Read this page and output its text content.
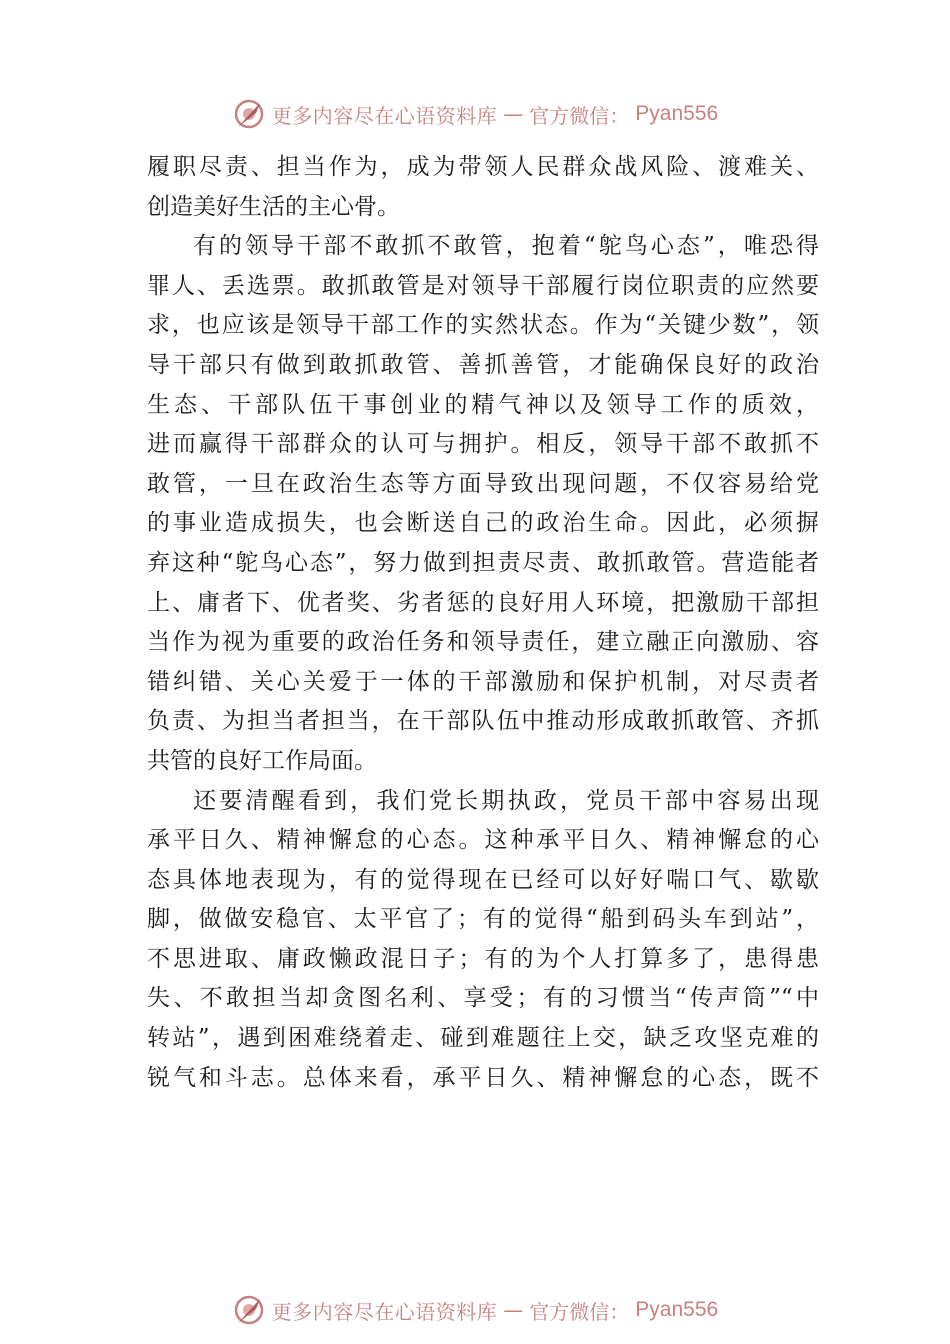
更多内容尽在心语资料库 — 官方微信： Pyan556
履职尽责、担当作为，成为带领人民群众战风险、渡难关、
创造美好生活的主心骨。
有的领导干部不敢抓不敢管，抱着“鸵鸟心态”，唯恐得
罪人、丢选票。敢抓敢管是对领导干部履行岗位职责的应然要
求，也应该是领导干部工作的实然状态。作为“关键少数”，领
导干部只有做到敢抓敢管、善抓善管，才能确保良好的政治
生态、干部队伍干事创业的精气神以及领导工作的质效，
进而赢得干部群众的认可与拥护。相反，领导干部不敢抓不
敢管，一旦在政治生态等方面导致出现问题，不仅容易给党
的事业造成损失，也会断送自己的政治生命。因此，必须摒
弃这种“鸵鸟心态”，努力做到担责尽责、敢抓敢管。营造能者
上、庸者下、优者奖、劣者惩的良好用人环境，把激励干部担
当作为视为重要的政治任务和领导责任，建立融正向激励、容
错纠错、关心关爱于一体的干部激励和保护机制，对尽责者
负责、为担当者担当，在干部队伍中推动形成敢抓敢管、齐抓
共管的良好工作局面。
还要清醒看到，我们党长期执政，党员干部中容易出现
承平日久、精神懈怠的心态。这种承平日久、精神懈怠的心
态具体地表现为，有的觉得现在已经可以好好喘口气、歇歇
脚，做做安稳官、太平官了；有的觉得“船到码头车到站”，
不思进取、庸政懒政混日子；有的为个人打算多了，患得患
失、不敢担当却贪图名利、享受；有的习惯当“传声筒”“中
转站”，遇到困难绕着走、碰到难题往上交，缺乏攻坚克难的
锐气和斗志。总体来看，承平日久、精神懈怠的心态，既不
更多内容尽在心语资料库 — 官方微信： Pyan556
